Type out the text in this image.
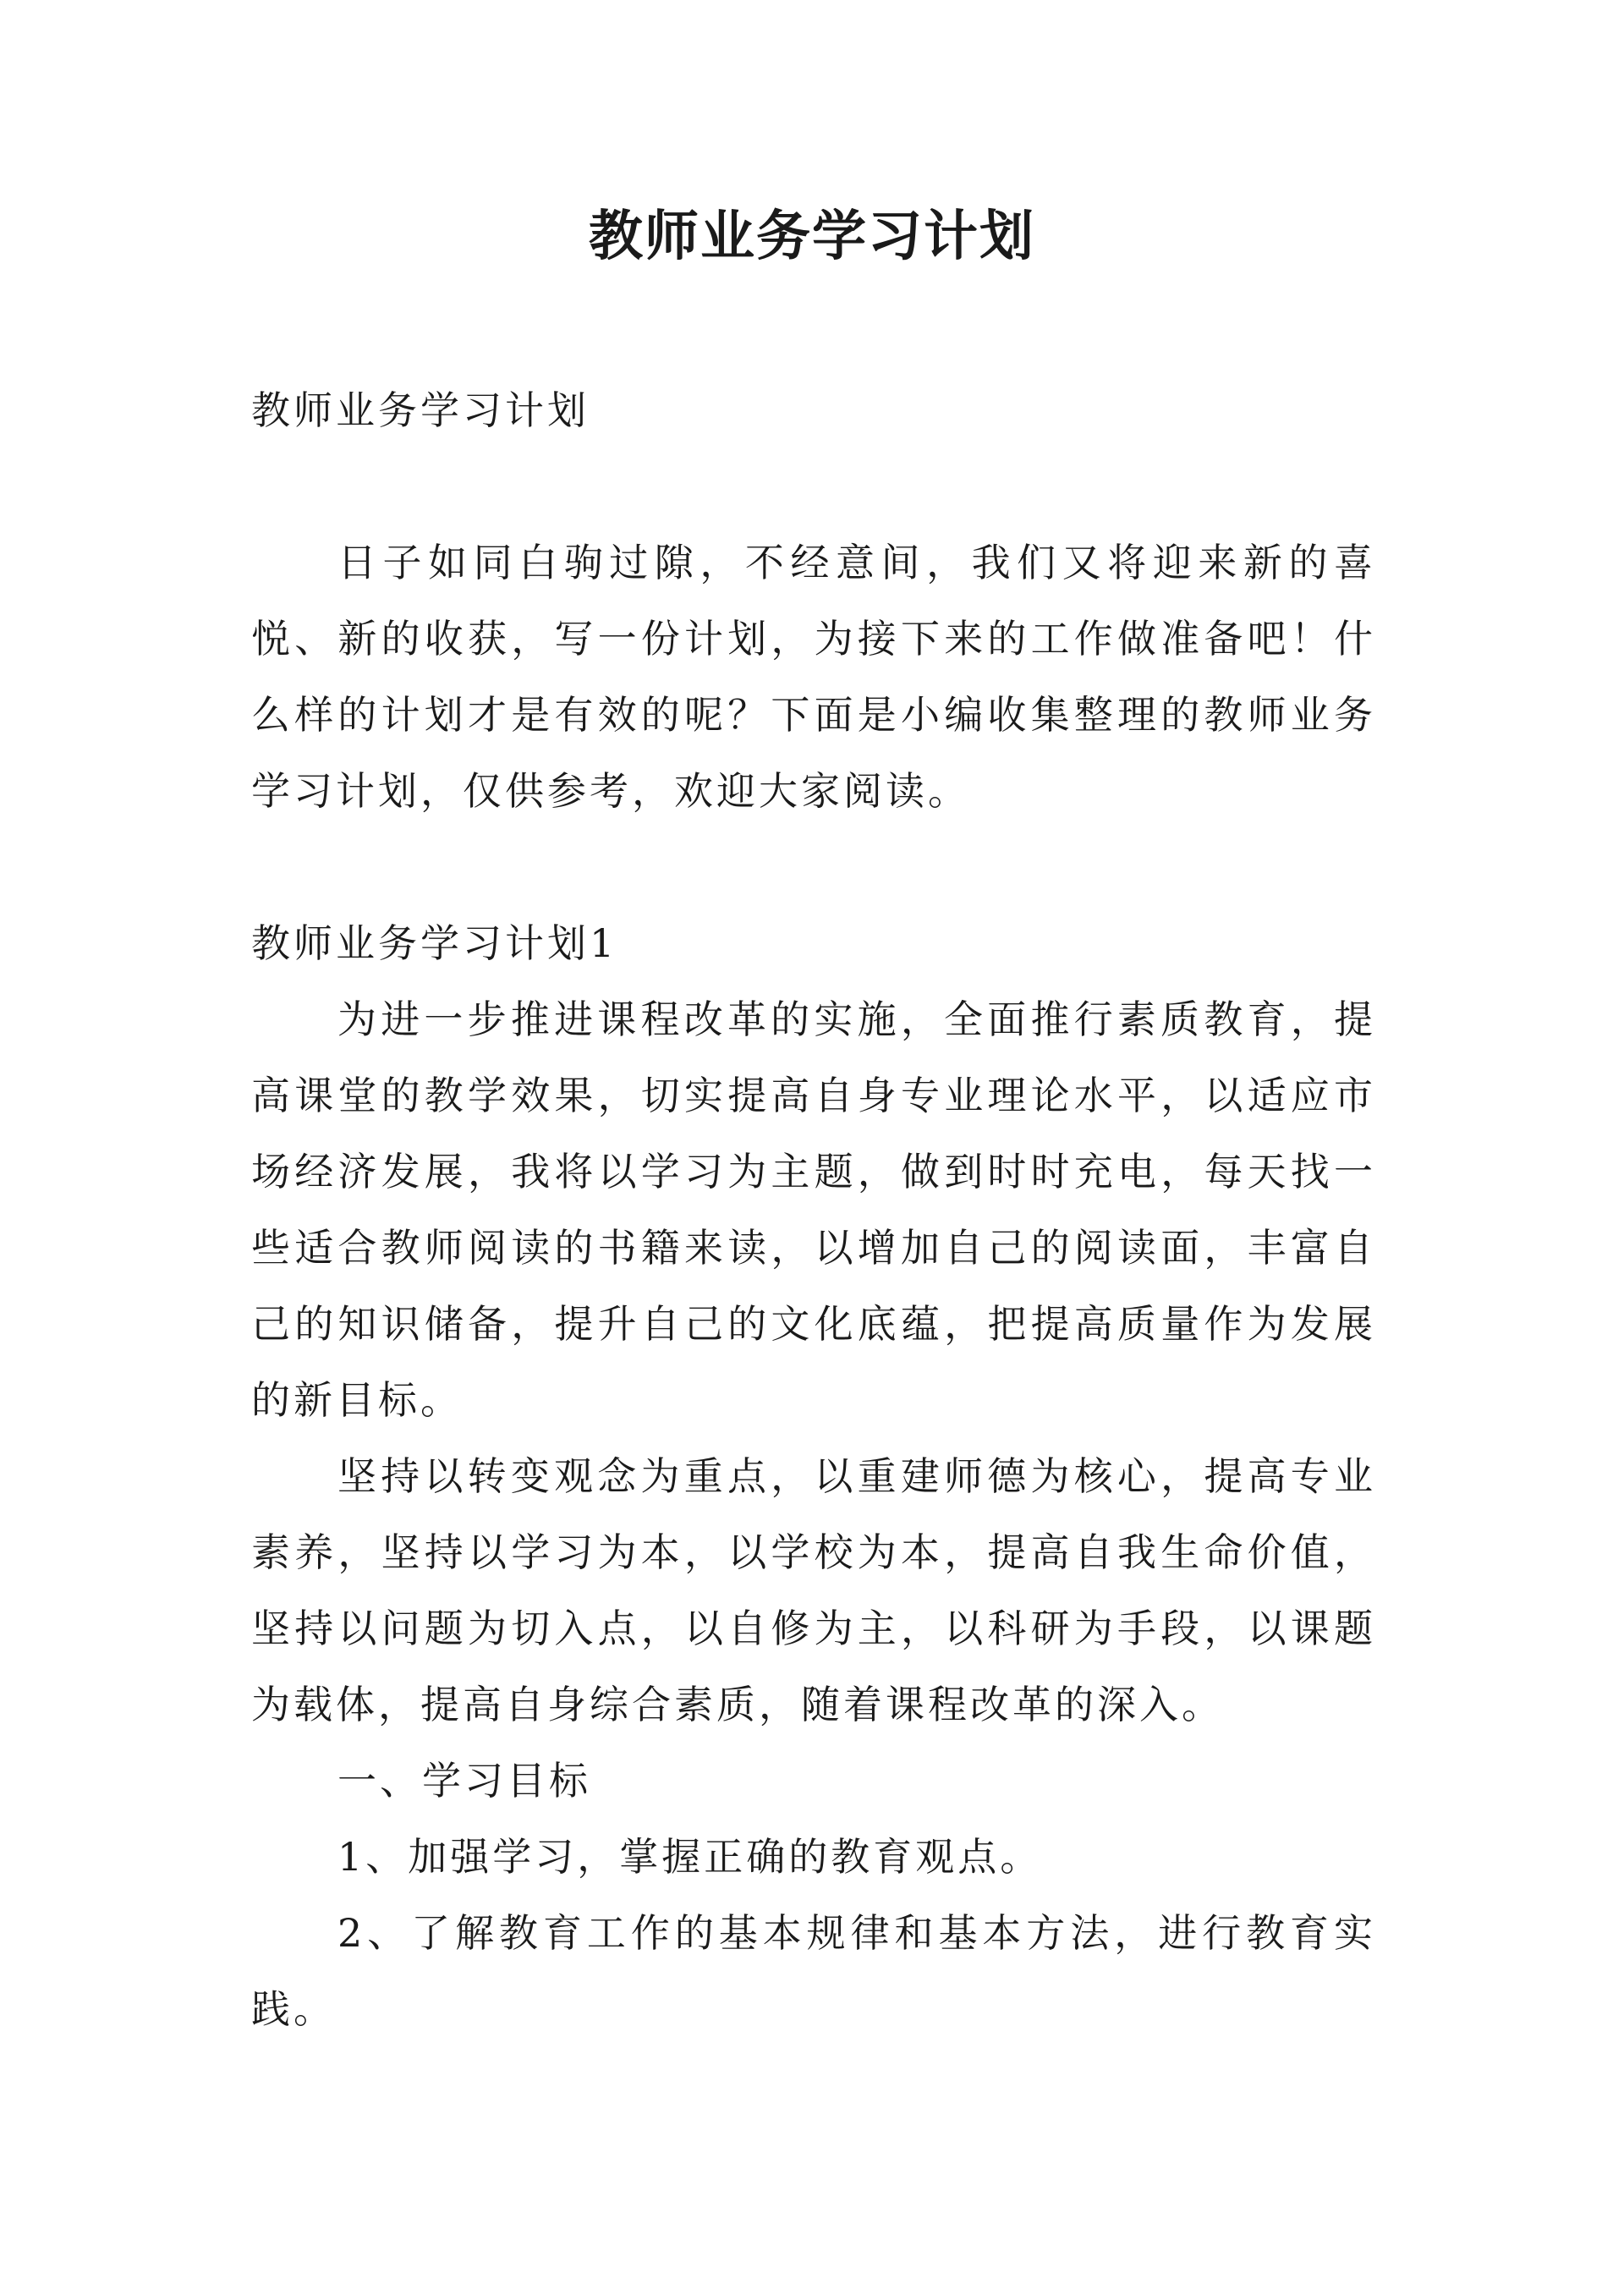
教师业务学习计划

教师业务学习计划

日子如同白驹过隙，不经意间，我们又将迎来新的喜悦、新的收获，写一份计划，为接下来的工作做准备吧！什么样的计划才是有效的呢？下面是小编收集整理的教师业务学习计划，仅供参考，欢迎大家阅读。

教师业务学习计划1

为进一步推进课程改革的实施，全面推行素质教育，提高课堂的教学效果，切实提高自身专业理论水平，以适应市场经济发展，我将以学习为主题，做到时时充电，每天找一些适合教师阅读的书籍来读，以增加自己的阅读面，丰富自己的知识储备，提升自己的文化底蕴，把提高质量作为发展的新目标。

坚持以转变观念为重点，以重建师德为核心，提高专业素养，坚持以学习为本，以学校为本，提高自我生命价值，坚持以问题为切入点，以自修为主，以科研为手段，以课题为载体，提高自身综合素质，随着课程改革的深入。

一、学习目标

1、加强学习，掌握正确的教育观点。

2、了解教育工作的基本规律和基本方法，进行教育实践。
